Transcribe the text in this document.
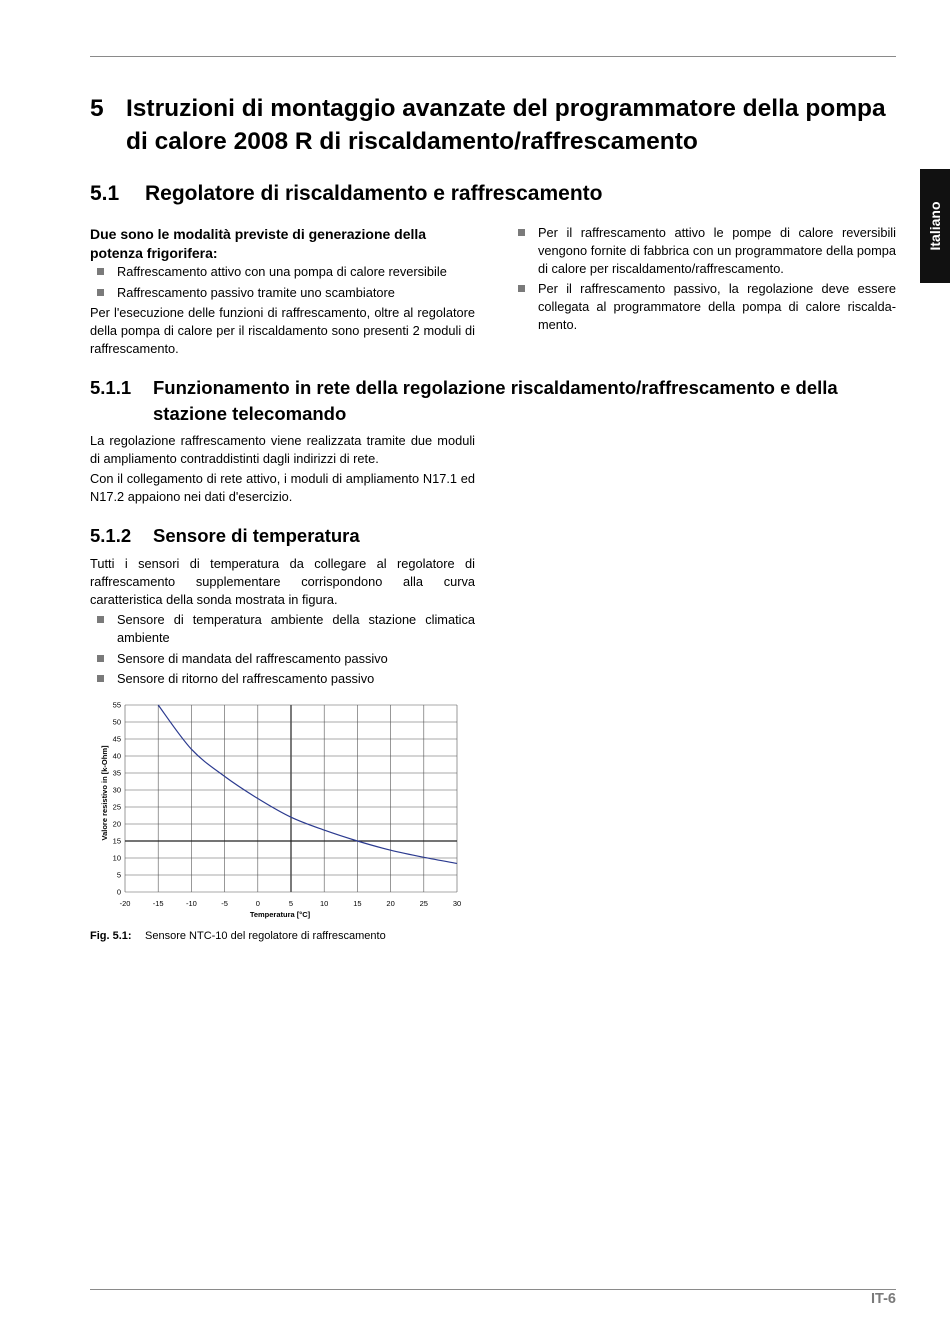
Italiano
5 Istruzioni di montaggio avanzate del programmatore della pompa di calore 2008 R di riscaldamento/raffrescamento
5.1 Regolatore di riscaldamento e raffrescamento
Due sono le modalità previste di generazione della potenza frigorifera:
Raffrescamento attivo con una pompa di calore reversibile
Raffrescamento passivo tramite uno scambiatore
Per l'esecuzione delle funzioni di raffrescamento, oltre al regolatore della pompa di calore per il riscaldamento sono presenti 2 moduli di raffrescamento.
Per il raffrescamento attivo le pompe di calore reversibili vengono fornite di fabbrica con un programmatore della pompa di calore per riscaldamento/raffrescamento.
Per il raffrescamento passivo, la regolazione deve essere collegata al programmatore della pompa di calore riscalda-mento.
5.1.1 Funzionamento in rete della regolazione riscaldamento/raffrescamento e della stazione telecomando
La regolazione raffrescamento viene realizzata tramite due moduli di ampliamento contraddistinti dagli indirizzi di rete.
Con il collegamento di rete attivo, i moduli di ampliamento N17.1 ed N17.2 appaiono nei dati d'esercizio.
5.1.2 Sensore di temperatura
Tutti i sensori di temperatura da collegare al regolatore di raffrescamento supplementare corrispondono alla curva caratteristica della sonda mostrata in figura.
Sensore di temperatura ambiente della stazione climatica ambiente
Sensore di mandata del raffrescamento passivo
Sensore di ritorno del raffrescamento passivo
0
5
10
15
20
25
30
35
40
45
50
55
-20	-15	-10	-5	0	5	10	15	20	25	30
Temperatura [°C]
Valore resistivo in [k-Ohm]
Fig. 5.1: Sensore NTC-10 del regolatore di raffrescamento
IT-6
